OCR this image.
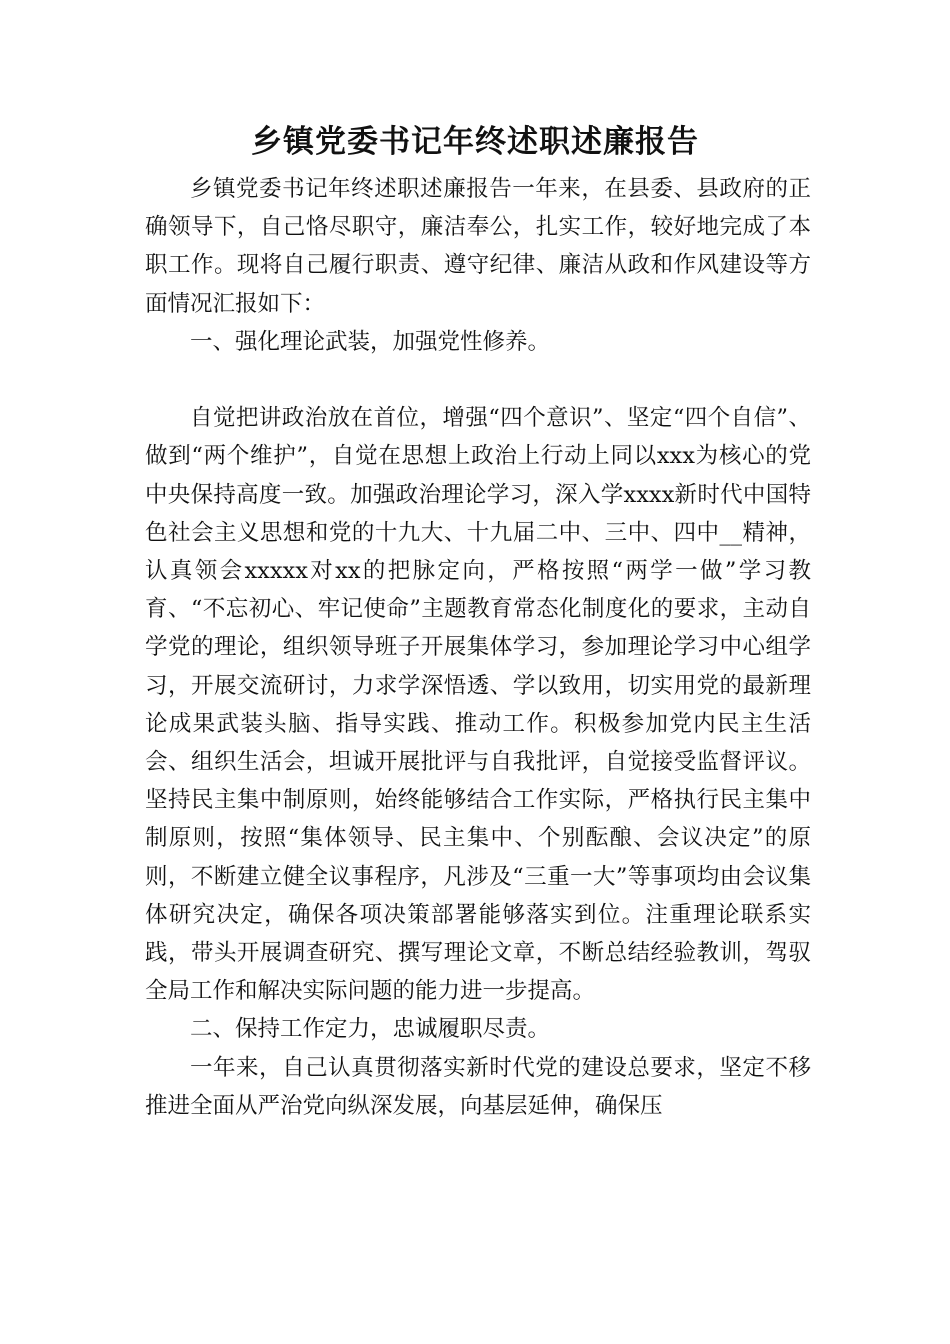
乡镇党委书记年终述职述廉报告

乡镇党委书记年终述职述廉报告一年来，在县委、县政府的正确领导下，自己恪尽职守，廉洁奉公，扎实工作，较好地完成了本职工作。现将自己履行职责、遵守纪律、廉洁从政和作风建设等方面情况汇报如下：

一、强化理论武装，加强党性修养。

自觉把讲政治放在首位，增强“四个意识”、坚定“四个自信”、做到“两个维护”，自觉在思想上政治上行动上同以xxx为核心的党中央保持高度一致。加强政治理论学习，深入学xxxx新时代中国特色社会主义思想和党的十九大、十九届二中、三中、四中__精神，认真领会xxxxx对xx的把脉定向，严格按照“两学一做”学习教育、“不忘初心、牢记使命”主题教育常态化制度化的要求，主动自学党的理论，组织领导班子开展集体学习，参加理论学习中心组学习，开展交流研讨，力求学深悟透、学以致用，切实用党的最新理论成果武装头脑、指导实践、推动工作。积极参加党内民主生活会、组织生活会，坦诚开展批评与自我批评，自觉接受监督评议。坚持民主集中制原则，始终能够结合工作实际，严格执行民主集中制原则，按照“集体领导、民主集中、个别酝酿、会议决定”的原则，不断建立健全议事程序，凡涉及“三重一大”等事项均由会议集体研究决定，确保各项决策部署能够落实到位。注重理论联系实践，带头开展调查研究、撰写理论文章，不断总结经验教训，驾驭全局工作和解决实际问题的能力进一步提高。

二、保持工作定力，忠诚履职尽责。

一年来，自己认真贯彻落实新时代党的建设总要求，坚定不移推进全面从严治党向纵深发展，向基层延伸，确保压
